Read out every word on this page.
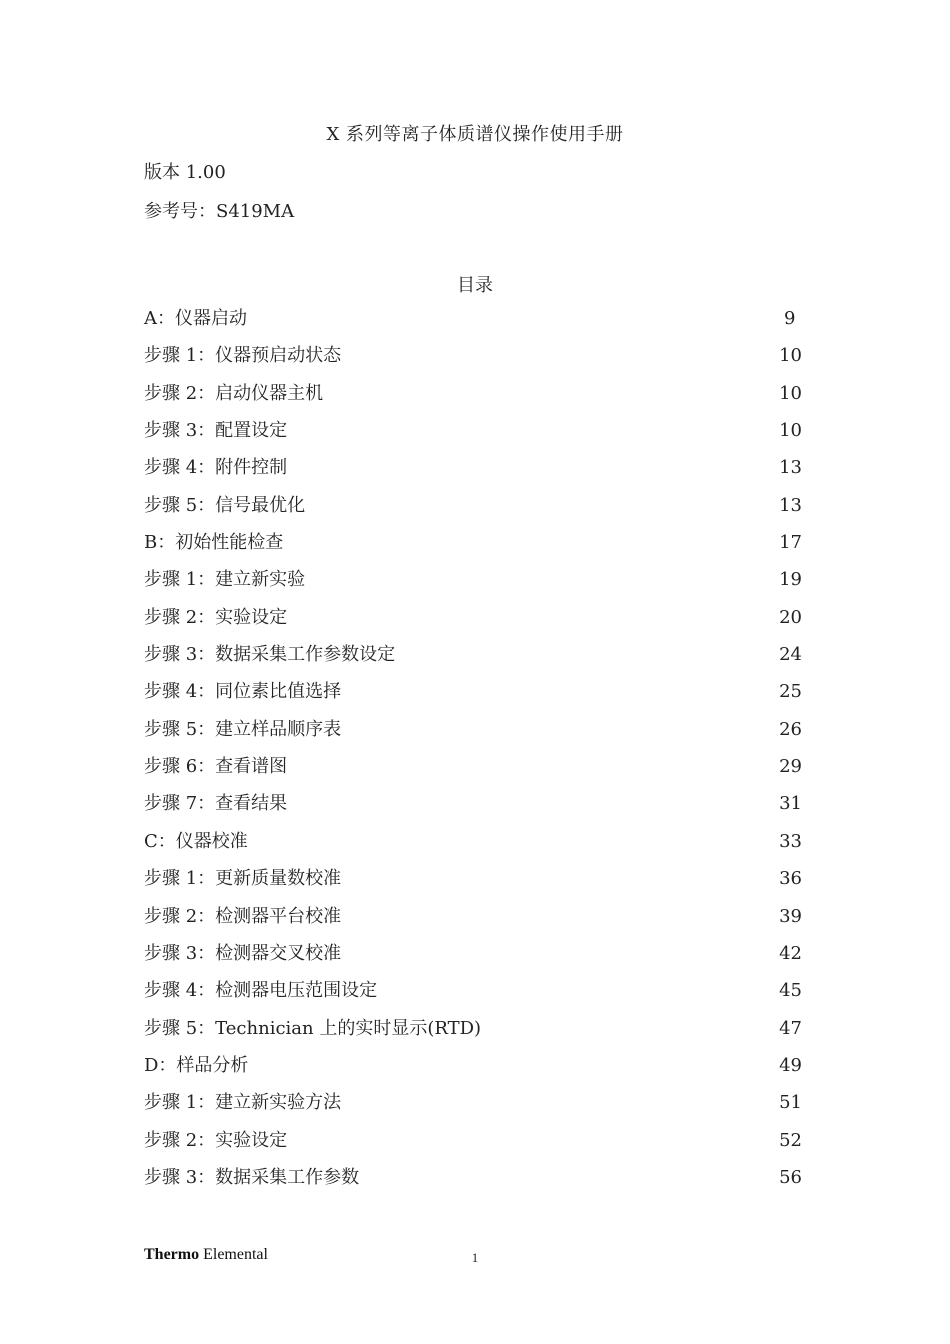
X 系列等离子体质谱仪操作使用手册
版本 1.00
参考号：S419MA
目录
A：仪器启动	9
步骤 1：仪器预启动状态	10
步骤 2：启动仪器主机	10
步骤 3：配置设定	10
步骤 4：附件控制	13
步骤 5：信号最优化	13
B：初始性能检查	17
步骤 1：建立新实验	19
步骤 2：实验设定	20
步骤 3：数据采集工作参数设定	24
步骤 4：同位素比值选择	25
步骤 5：建立样品顺序表	26
步骤 6：查看谱图	29
步骤 7：查看结果	31
C：仪器校准	33
步骤 1：更新质量数校准	36
步骤 2：检测器平台校准	39
步骤 3：检测器交叉校准	42
步骤 4：检测器电压范围设定	45
步骤 5：Technician 上的实时显示(RTD)	47
D：样品分析	49
步骤 1：建立新实验方法	51
步骤 2：实验设定	52
步骤 3：数据采集工作参数	56
Thermo Elemental	1
